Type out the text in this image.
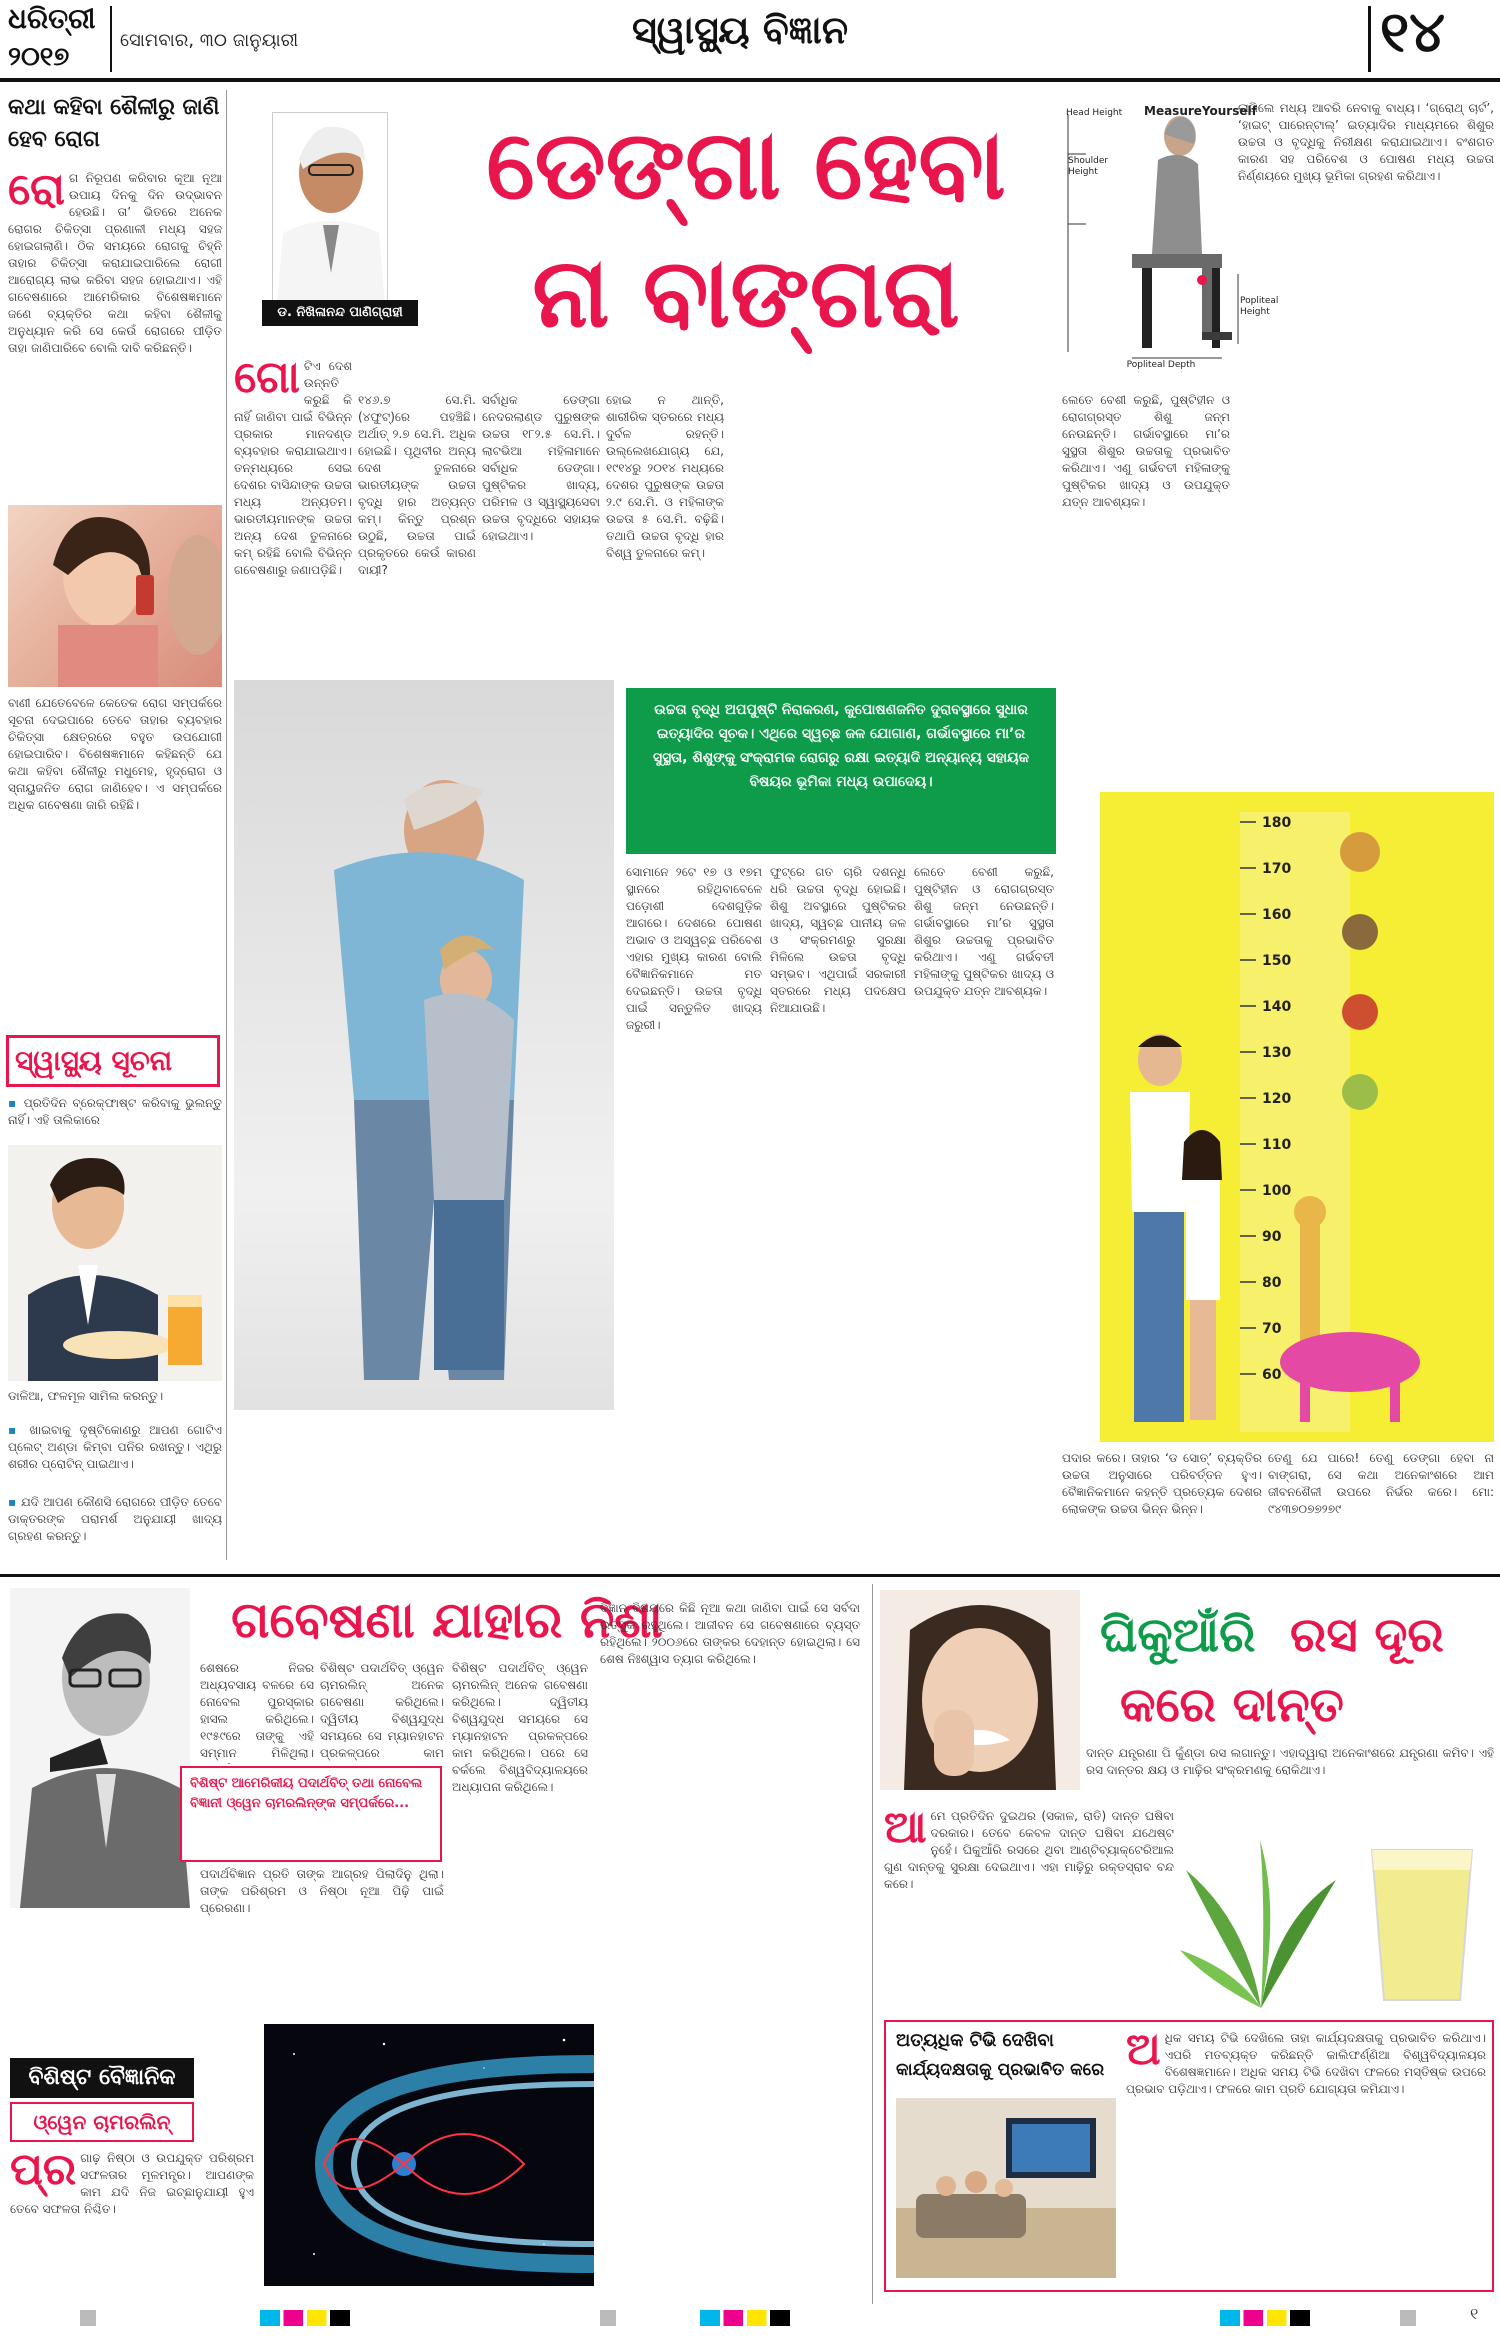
ଧରିତ୍ରୀ
୨୦୧୭
ସୋମବାର, ୩୦ ଜାନୁୟାରୀ	ସ୍ୱାସ୍ଥ୍ୟ ବିଜ୍ଞାନ	୧୪
କଥା କହିବା ଶୈଳୀରୁ ଜାଣି ହେବ ରୋଗ
ରୋ ଗ ନିରୂପଣ କରିବାର କୂଆ ନୂଆ ଉପାୟ ଦିନକୁ ଦିନ ଉଦ୍ଭାବନ ହେଉଛି। ତା’ ଭିତରେ ଅନେକ ରୋଗର ଚିକିତ୍ସା ପ୍ରଣାଳୀ ମଧ୍ୟ ସହଜ ହୋଇଗଲାଣି। ଠିକ ସମୟରେ ରୋଗକୁ ଚିହ୍ନି ତାହାର ଚିକିତ୍ସା କରାଯାଇପାରିଲେ ରୋଗୀ ଆରୋଗ୍ୟ ଲାଭ କରିବା ସହଜ ହୋଇଥାଏ। ଏହି ଗବେଷଣାରେ ଆମେରିକାର ବିଶେଷଜ୍ଞମାନେ ଜଣେ ବ୍ୟକ୍ତିର କଥା କହିବା ଶୈଳୀକୁ ଅନୁଧ୍ୟାନ କରି ସେ କେଉଁ ରୋଗରେ ପୀଡ଼ିତ ତାହା ଜାଣିପାରିବେ ବୋଲି ଦାବି କରିଛନ୍ତି।
ବାଣୀ ଯେତେବେଳେ କେତେକ ରୋଗ ସମ୍ପର୍କରେ ସୂଚନା ଦେଇପାରେ ତେବେ ତାହାର ବ୍ୟବହାର ଚିକିତ୍ସା କ୍ଷେତ୍ରରେ ବହୁତ ଉପଯୋଗୀ ହୋଇପାରିବ। ବିଶେଷଜ୍ଞମାନେ କହିଛନ୍ତି ଯେ କଥା କହିବା ଶୈଳୀରୁ ମଧୁମେହ, ହୃଦ୍‌ରୋଗ ଓ ସ୍ନାୟୁଜନିତ ରୋଗ ଜାଣିହେବ। ଏ ସମ୍ପର୍କରେ ଅଧିକ ଗବେଷଣା ଜାରି ରହିଛି।
ସ୍ୱାସ୍ଥ୍ୟ ସୂଚନା
▪ ପ୍ରତିଦିନ ବ୍ରେକ୍‌ଫାଷ୍ଟ କରିବାକୁ ଭୁଲନ୍ତୁ ନାହିଁ। ଏହି ତାଲିକାରେ
ଡାଳିଆ, ଫଳମୂଳ ସାମିଲ କରନ୍ତୁ।
▪ ଖାଇବାକୁ ଦୃଷ୍ଟିକୋଣରୁ ଆପଣ ଗୋଟିଏ ପ୍ଲେଟ୍ ଅଣ୍ଡା କିମ୍ବା ପନିର ରଖନ୍ତୁ। ଏଥିରୁ ଶରୀର ପ୍ରୋଟିନ୍ ପାଇଥାଏ।
▪ ଯଦି ଆପଣ କୌଣସି ରୋଗରେ ପୀଡ଼ିତ ତେବେ ଡାକ୍ତରଙ୍କ ପରାମର୍ଶ ଅନୁଯାୟୀ ଖାଦ୍ୟ ଗ୍ରହଣ କରନ୍ତୁ।
ଡ. ନିଖିଳାନନ୍ଦ ପାଣିଗ୍ରାହୀ
ଡେଙ୍ଗା ହେବା
ନା ବାଙ୍ଗରା
MeasureYourself
Head Height
Shoulder Height
Popliteal Height
Popliteal Depth
ଗୋ ଟିଏ ଦେଶ ଉନ୍ନତି କରୁଛି କି ନାହିଁ ଜାଣିବା ପାଇଁ ବିଭିନ୍ନ ପ୍ରକାର ମାନଦଣ୍ଡ ବ୍ୟବହାର କରାଯାଇଥାଏ। ତନ୍ମଧ୍ୟରେ ସେଇ ଦେଶର ବାସିନ୍ଦାଙ୍କ ଉଚ୍ଚତା ମଧ୍ୟ ଅନ୍ୟତମ। ଭାରତୀୟମାନଙ୍କ ଉଚ୍ଚତା ଅନ୍ୟ ଦେଶ ତୁଳନାରେ କମ୍ ରହିଛି ବୋଲି ବିଭିନ୍ନ ଗବେଷଣାରୁ ଜଣାପଡ଼ିଛି।
୧୪୬.୭ ସେ.ମି.(୪ଫୁଟ୍)ରେ ପହଞ୍ଚିଛି। ଅର୍ଥାତ୍ ୨.୭ ସେ.ମି. ଅଧିକ ହୋଇଛି। ପୃଥିବୀର ଅନ୍ୟ ଦେଶ ତୁଳନାରେ ଭାରତୀୟଙ୍କ ଉଚ୍ଚତା ବୃଦ୍ଧି ହାର ଅତ୍ୟନ୍ତ କମ୍। କିନ୍ତୁ ପ୍ରଶ୍ନ ଉଠୁଛି, ଉଚ୍ଚତା ପାଇଁ ପ୍ରକୃତରେ କେଉଁ କାରଣ ଦାୟୀ?
ସର୍ବାଧିକ ଡେଙ୍ଗା ନେଦରଲାଣ୍ଡ ପୁରୁଷଙ୍କ ଉଚ୍ଚତା ୧୮୨.୫ ସେ.ମି.। ଲାଟଭିଆ ମହିଳାମାନେ ସର୍ବାଧିକ ଡେଙ୍ଗା। ପୁଷ୍ଟିକର ଖାଦ୍ୟ, ପରିମଳ ଓ ସ୍ୱାସ୍ଥ୍ୟସେବା ଉଚ୍ଚତା ବୃଦ୍ଧିରେ ସହାୟକ ହୋଇଥାଏ।
ହୋଇ ନ ଥାନ୍ତି, ଶାରୀରିକ ସ୍ତରରେ ମଧ୍ୟ ଦୁର୍ବଳ ରହନ୍ତି। ଉଲ୍ଲେଖଯୋଗ୍ୟ ଯେ, ୧୯୧୪ରୁ ୨୦୧୪ ମଧ୍ୟରେ ଦେଶର ପୁରୁଷଙ୍କ ଉଚ୍ଚତା ୨.୯ ସେ.ମି. ଓ ମହିଳାଙ୍କ ଉଚ୍ଚତା ୫ ସେ.ମି. ବଢ଼ିଛି। ତଥାପି ଉଚ୍ଚତା ବୃଦ୍ଧି ହାର ବିଶ୍ୱ ତୁଳନାରେ କମ୍।
ଲେତେ ବେଶୀ କରୁଛି, ପୁଷ୍ଟିହୀନ ଓ ରୋଗଗ୍ରସ୍ତ ଶିଶୁ ଜନ୍ମ ନେଉଛନ୍ତି। ଗର୍ଭାବସ୍ଥାରେ ମା’ର ସୁସ୍ଥତା ଶିଶୁର ଉଚ୍ଚତାକୁ ପ୍ରଭାବିତ କରିଥାଏ। ଏଣୁ ଗର୍ଭବତୀ ମହିଳାଙ୍କୁ ପୁଷ୍ଟିକର ଖାଦ୍ୟ ଓ ଉପଯୁକ୍ତ ଯତ୍ନ ଆବଶ୍ୟକ।
ଲାଗିଲେ ମଧ୍ୟ ଆବରି ନେବାକୁ ବାଧ୍ୟ। ‘ଗ୍ରୋଥ୍ ଚାର୍ଟ’, ‘ହାଇଟ୍ ପାରେନ୍ଟାଲ୍’ ଇତ୍ୟାଦିର ମାଧ୍ୟମରେ ଶିଶୁର ଉଚ୍ଚତା ଓ ବୃଦ୍ଧିକୁ ନିରୀକ୍ଷଣ କରାଯାଇଥାଏ। ବଂଶଗତ କାରଣ ସହ ପରିବେଶ ଓ ପୋଷଣ ମଧ୍ୟ ଉଚ୍ଚତା ନିର୍ଣ୍ଣୟରେ ମୁଖ୍ୟ ଭୂମିକା ଗ୍ରହଣ କରିଥାଏ।
ଉଚ୍ଚତା ବୃଦ୍ଧି ଅପପୁଷ୍ଟି ନିରାକରଣ, କୁପୋଷଣଜନିତ ଦୁରାବସ୍ଥାରେ ସୁଧାର ଇତ୍ୟାଦିର ସୂଚକ। ଏଥିରେ ସ୍ୱଚ୍ଛ ଜଳ ଯୋଗାଣ, ଗର୍ଭାବସ୍ଥାରେ ମା’ର ସୁସ୍ଥତା, ଶିଶୁଙ୍କୁ ସଂକ୍ରାମକ ରୋଗରୁ ରକ୍ଷା ଇତ୍ୟାଦି ଅନ୍ୟାନ୍ୟ ସହାୟକ ବିଷୟର ଭୂମିକା ମଧ୍ୟ ଉପାଦେୟ।
ସୋମାନେ ୨ଟେ ୧୭ ଓ ୧୭ମ ସ୍ଥାନରେ ରହିଥିବାବେଳେ ପଡ଼ୋଶୀ ଦେଶଗୁଡ଼ିକ ଆଗରେ। ଦେଶରେ ପୋଷଣ ଅଭାବ ଓ ଅସ୍ୱଚ୍ଛ ପରିବେଶ ଏହାର ମୁଖ୍ୟ କାରଣ ବୋଲି ବୈଜ୍ଞାନିକମାନେ ମତ ଦେଇଛନ୍ତି। ଉଚ୍ଚତା ବୃଦ୍ଧି ପାଇଁ ସନ୍ତୁଳିତ ଖାଦ୍ୟ ଜରୁରୀ।
ଫୁଟ୍‌ରେ ଗତ ଚାରି ଦଶନ୍ଧି ଧରି ଉଚ୍ଚତା ବୃଦ୍ଧି ହୋଇଛି। ଶିଶୁ ଅବସ୍ଥାରେ ପୁଷ୍ଟିକର ଖାଦ୍ୟ, ସ୍ୱଚ୍ଛ ପାନୀୟ ଜଳ ଓ ସଂକ୍ରମଣରୁ ସୁରକ୍ଷା ମିଳିଲେ ଉଚ୍ଚତା ବୃଦ୍ଧି ସମ୍ଭବ। ଏଥିପାଇଁ ସରକାରୀ ସ୍ତରରେ ମଧ୍ୟ ପଦକ୍ଷେପ ନିଆଯାଉଛି।
ପଦାର କରେ। ତାହାର ‘ଡ ସୋତ୍’ ବ୍ୟକ୍ତିର ଉଚ୍ଚତା ଅନୁସାରେ ପରିବର୍ତ୍ତନ ହୁଏ। ବୈଜ୍ଞାନିକମାନେ କହନ୍ତି ପ୍ରତ୍ୟେକ ଦେଶର ଲୋକଙ୍କ ଉଚ୍ଚତା ଭିନ୍ନ ଭିନ୍ନ।
ତେଣୁ ଯେ ପାରେ! ତେଣୁ ଡେଙ୍ଗା ହେବା ନା ବାଙ୍ଗରା, ସେ କଥା ଅନେକାଂଶରେ ଆମ ଜୀବନଶୈଳୀ ଉପରେ ନିର୍ଭର କରେ। ମୋ: ୯୪୩୭୦୭୭୨୭୯
ଲେତେ ବେଶୀ କରୁଛି, ପୁଷ୍ଟିହୀନ ଓ ରୋଗଗ୍ରସ୍ତ ଶିଶୁ ଜନ୍ମ ନେଉଛନ୍ତି। ଗର୍ଭାବସ୍ଥାରେ ମା’ର ସୁସ୍ଥତା ଶିଶୁର ଉଚ୍ଚତାକୁ ପ୍ରଭାବିତ କରିଥାଏ। ଏଣୁ ଗର୍ଭବତୀ ମହିଳାଙ୍କୁ ପୁଷ୍ଟିକର ଖାଦ୍ୟ ଓ ଉପଯୁକ୍ତ ଯତ୍ନ ଆବଶ୍ୟକ।
180
170
160
150
140
130
120
110
100
90
80
70
60
ଗବେଷଣା ଯାହାର ନିଶା
ବିଶିଷ୍ଟ ଆମେରିକୀୟ ପଦାର୍ଥବିତ୍ ତଥା ନୋବେଲ ବିଜ୍ଞାନୀ ଓ୍ୱେନ ଚାମରଲିନ୍‌ଙ୍କ ସମ୍ପର୍କରେ...
ବିଶିଷ୍ଟ ବୈଜ୍ଞାନିକ
ଓ୍ୱେନ ଚାମରଲିନ୍
ପ୍ର ଗାଢ଼ ନିଷ୍ଠା ଓ ଉପଯୁକ୍ତ ପରିଶ୍ରମ ସଫଳତାର ମୂଳମନ୍ତ୍ର। ଆପଣଙ୍କ କାମ ଯଦି ନିଜ ଇଚ୍ଛାନୁଯାୟୀ ହୁଏ ତେବେ ସଫଳତା ନିଶ୍ଚିତ।
ଶେଷରେ ନିଜର ଅଧ୍ୟବସାୟ ବଳରେ ସେ ନୋବେଲ ପୁରସ୍କାର ହାସଲ କରିଥିଲେ। ୧୯୫୯ରେ ତାଙ୍କୁ ଏହି ସମ୍ମାନ ମିଳିଥିଲା।
ପଦାର୍ଥବିଜ୍ଞାନ ପ୍ରତି ତାଙ୍କ ଆଗ୍ରହ ପିଲାଦିନୁ ଥିଲା। ତାଙ୍କ ପରିଶ୍ରମ ଓ ନିଷ୍ଠା ନୂଆ ପିଢ଼ି ପାଇଁ ପ୍ରେରଣା।
ବିଶିଷ୍ଟ ପଦାର୍ଥବିତ୍ ଓ୍ୱେନ ଚାମରଲିନ୍ ଅନେକ ଗବେଷଣା କରିଥିଲେ। ଦ୍ୱିତୀୟ ବିଶ୍ୱଯୁଦ୍ଧ ସମୟରେ ସେ ମ୍ୟାନହାଟନ ପ୍ରକଳ୍ପରେ କାମ
ବିଶିଷ୍ଟ ପଦାର୍ଥବିତ୍ ଓ୍ୱେନ ଚାମରଲିନ୍ ଅନେକ ଗବେଷଣା କରିଥିଲେ। ଦ୍ୱିତୀୟ ବିଶ୍ୱଯୁଦ୍ଧ ସମୟରେ ସେ ମ୍ୟାନହାଟନ ପ୍ରକଳ୍ପରେ କାମ କରିଥିଲେ। ପରେ ସେ ବର୍କଲେ ବିଶ୍ୱବିଦ୍ୟାଳୟରେ ଅଧ୍ୟାପନା କରିଥିଲେ।
ବିଜ୍ଞାନ ବିଷୟରେ କିଛି ନୂଆ କଥା ଜାଣିବା ପାଇଁ ସେ ସର୍ବଦା ଉତ୍ସୁକ ରହୁଥିଲେ। ଆଜୀବନ ସେ ଗବେଷଣାରେ ବ୍ୟସ୍ତ ରହିଥିଲେ। ୨୦୦୬ରେ ତାଙ୍କର ଦେହାନ୍ତ ହୋଇଥିଲା। ସେ ଶେଷ ନିଃଶ୍ୱାସ ତ୍ୟାଗ କରିଥିଲେ।	ଘିକୁଆଁରି ରସ ଦୂର
କରେ ଦାନ୍ତ
ଦାନ୍ତ ଯନ୍ତ୍ରଣା ପି କୁଁଣ୍ଡା ରସ ଲଗାନ୍ତୁ। ଏହାଦ୍ୱାରା ଅନେକାଂଶରେ ଯନ୍ତ୍ରଣା କମିବ। ଏହି ରସ ଦାନ୍ତର କ୍ଷୟ ଓ ମାଢ଼ିର ସଂକ୍ରମଣକୁ ରୋକିଥାଏ।
ଆ ମେ ପ୍ରତିଦିନ ଦୁଇଥର (ସକାଳ, ରାତି) ଦାନ୍ତ ଘଷିବା ଦରକାର। ତେବେ କେବଳ ଦାନ୍ତ ଘଷିବା ଯଥେଷ୍ଟ ନୁହେଁ। ଘିକୁଆଁରି ରସରେ ଥିବା ଆଣ୍ଟିବ୍ୟାକ୍ଟେରିଆଲ ଗୁଣ ଦାନ୍ତକୁ ସୁରକ୍ଷା ଦେଇଥାଏ। ଏହା ମାଢ଼ିରୁ ରକ୍ତସ୍ରାବ ବନ୍ଦ କରେ।
ଅତ୍ୟଧିକ ଟିଭି ଦେଖିବା
କାର୍ଯ୍ୟଦକ୍ଷତାକୁ ପ୍ରଭାବିତ କରେ ଅ ଧିକ ସମୟ ଟିଭି ଦେଖିଲେ ତାହା କାର୍ଯ୍ୟଦକ୍ଷତାକୁ ପ୍ରଭାବିତ କରିଥାଏ। ଏପରି ମତବ୍ୟକ୍ତ କରିଛନ୍ତି କାଲିଫର୍ଣ୍ଣିଆ ବିଶ୍ୱବିଦ୍ୟାଳୟର ବିଶେଷଜ୍ଞମାନେ। ଅଧିକ ସମୟ ଟିଭି ଦେଖିବା ଫଳରେ ମସ୍ତିଷ୍କ ଉପରେ ପ୍ରଭାବ ପଡ଼ିଥାଏ। ଫଳରେ କାମ ପ୍ରତି ଯୋଗ୍ୟତା କମିଯାଏ।
୧
